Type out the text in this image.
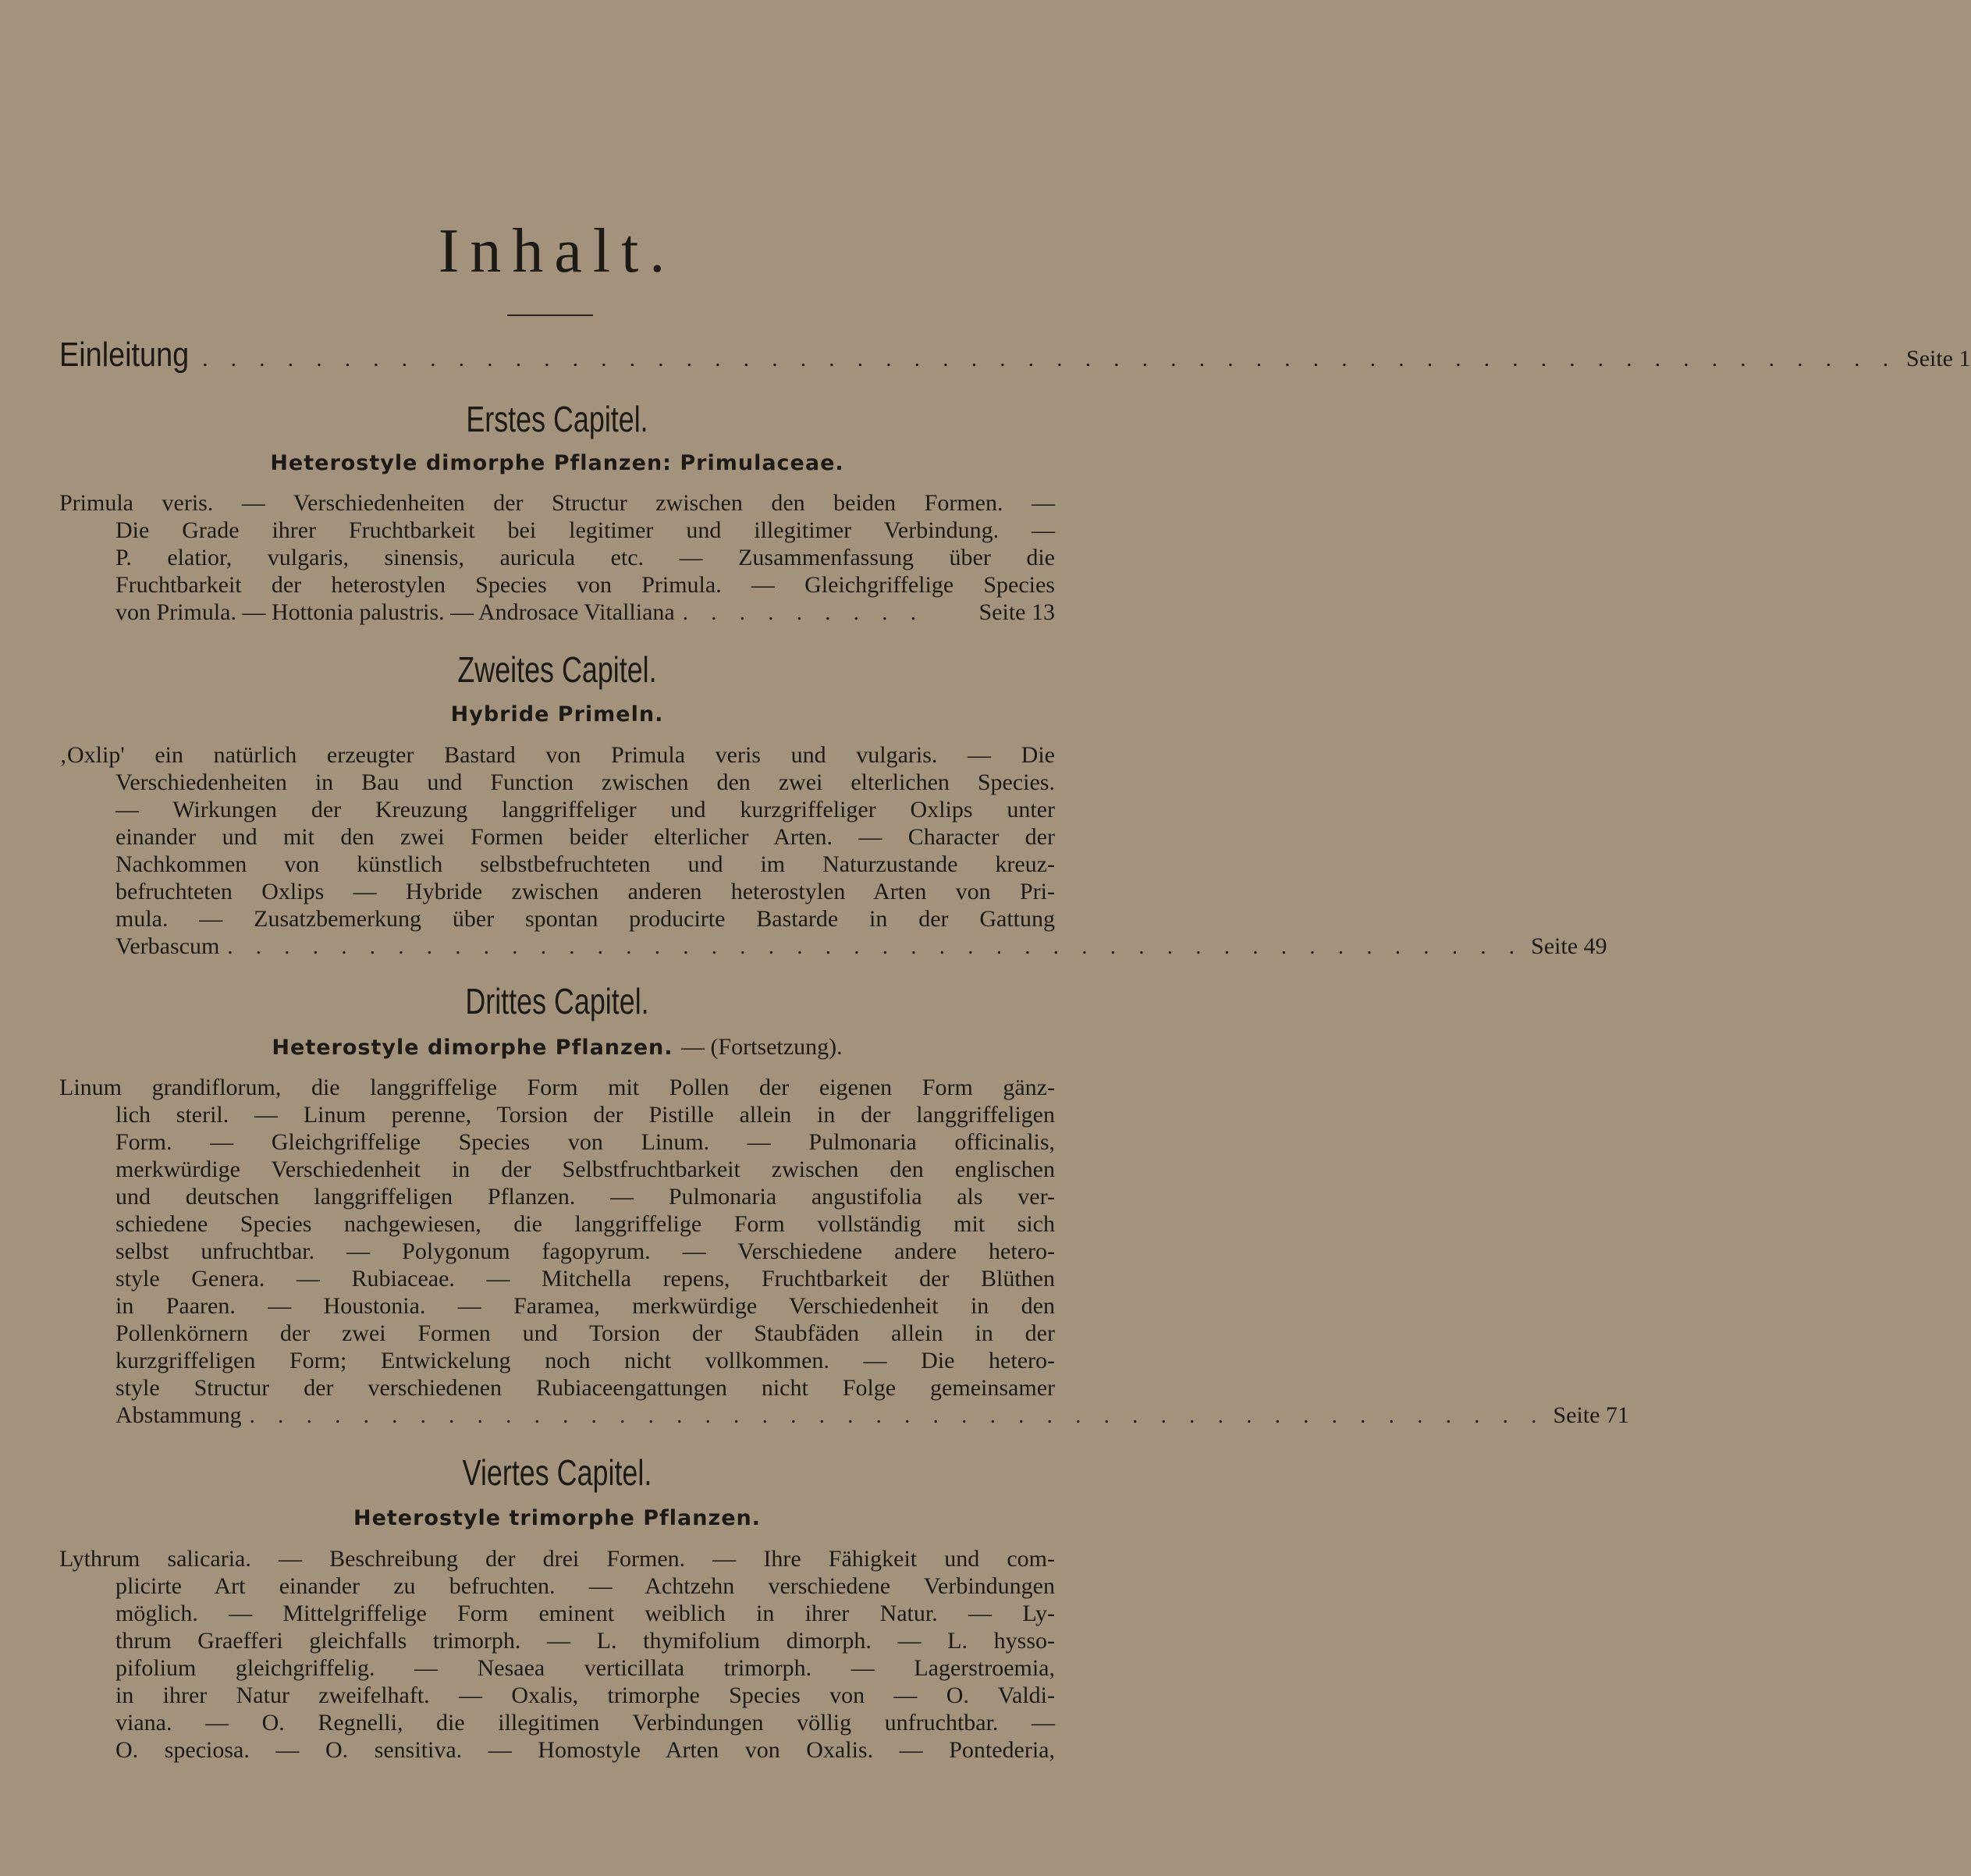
Inhalt.
Einleitung . . . . . . . . . . . . . . . . . . . . . . . . . . . . . . . . . . . . . . . . . . . . . . . . . . . . . . . . . . . . Seite 1
Erstes Capitel.
Heterostyle dimorphe Pflanzen: Primulaceae.
Primula veris. — Verschiedenheiten der Structur zwischen den beiden Formen. —
Die Grade ihrer Fruchtbarkeit bei legitimer und illegitimer Verbindung. —
P. elatior, vulgaris, sinensis, auricula etc. — Zusammenfassung über die
Fruchtbarkeit der heterostylen Species von Primula. — Gleichgriffelige Species
von Primula. — Hottonia palustris. — Androsace Vitalliana . . . . . . . . .	Seite 13
Zweites Capitel.
Hybride Primeln.
‚Oxlip' ein natürlich erzeugter Bastard von Primula veris und vulgaris. — Die
Verschiedenheiten in Bau und Function zwischen den zwei elterlichen Species.
— Wirkungen der Kreuzung langgriffeliger und kurzgriffeliger Oxlips unter
einander und mit den zwei Formen beider elterlicher Arten. — Character der
Nachkommen von künstlich selbstbefruchteten und im Naturzustande kreuz-
befruchteten Oxlips — Hybride zwischen anderen heterostylen Arten von Pri-
mula. — Zusatzbemerkung über spontan producirte Bastarde in der Gattung
Verbascum . . . . . . . . . . . . . . . . . . . . . . . . . . . . . . . . . . . . . . . . . . . . . . Seite 49
Drittes Capitel.
Heterostyle dimorphe Pflanzen. — (Fortsetzung).
Linum grandiflorum, die langgriffelige Form mit Pollen der eigenen Form gänz-
lich steril. — Linum perenne, Torsion der Pistille allein in der langgriffeligen
Form. — Gleichgriffelige Species von Linum. — Pulmonaria officinalis,
merkwürdige Verschiedenheit in der Selbstfruchtbarkeit zwischen den englischen
und deutschen langgriffeligen Pflanzen. — Pulmonaria angustifolia als ver-
schiedene Species nachgewiesen, die langgriffelige Form vollständig mit sich
selbst unfruchtbar. — Polygonum fagopyrum. — Verschiedene andere hetero-
style Genera. — Rubiaceae. — Mitchella repens, Fruchtbarkeit der Blüthen
in Paaren. — Houstonia. — Faramea, merkwürdige Verschiedenheit in den
Pollenkörnern der zwei Formen und Torsion der Staubfäden allein in der
kurzgriffeligen Form; Entwickelung noch nicht vollkommen. — Die hetero-
style Structur der verschiedenen Rubiaceengattungen nicht Folge gemeinsamer
Abstammung . . . . . . . . . . . . . . . . . . . . . . . . . . . . . . . . . . . . . . . . . . . . . . Seite 71
Viertes Capitel.
Heterostyle trimorphe Pflanzen.
Lythrum salicaria. — Beschreibung der drei Formen. — Ihre Fähigkeit und com-
plicirte Art einander zu befruchten. — Achtzehn verschiedene Verbindungen
möglich. — Mittelgriffelige Form eminent weiblich in ihrer Natur. — Ly-
thrum Graefferi gleichfalls trimorph. — L. thymifolium dimorph. — L. hysso-
pifolium gleichgriffelig. — Nesaea verticillata trimorph. — Lagerstroemia,
in ihrer Natur zweifelhaft. — Oxalis, trimorphe Species von — O. Valdi-
viana. — O. Regnelli, die illegitimen Verbindungen völlig unfruchtbar. —
O. speciosa. — O. sensitiva. — Homostyle Arten von Oxalis. — Pontederia,
